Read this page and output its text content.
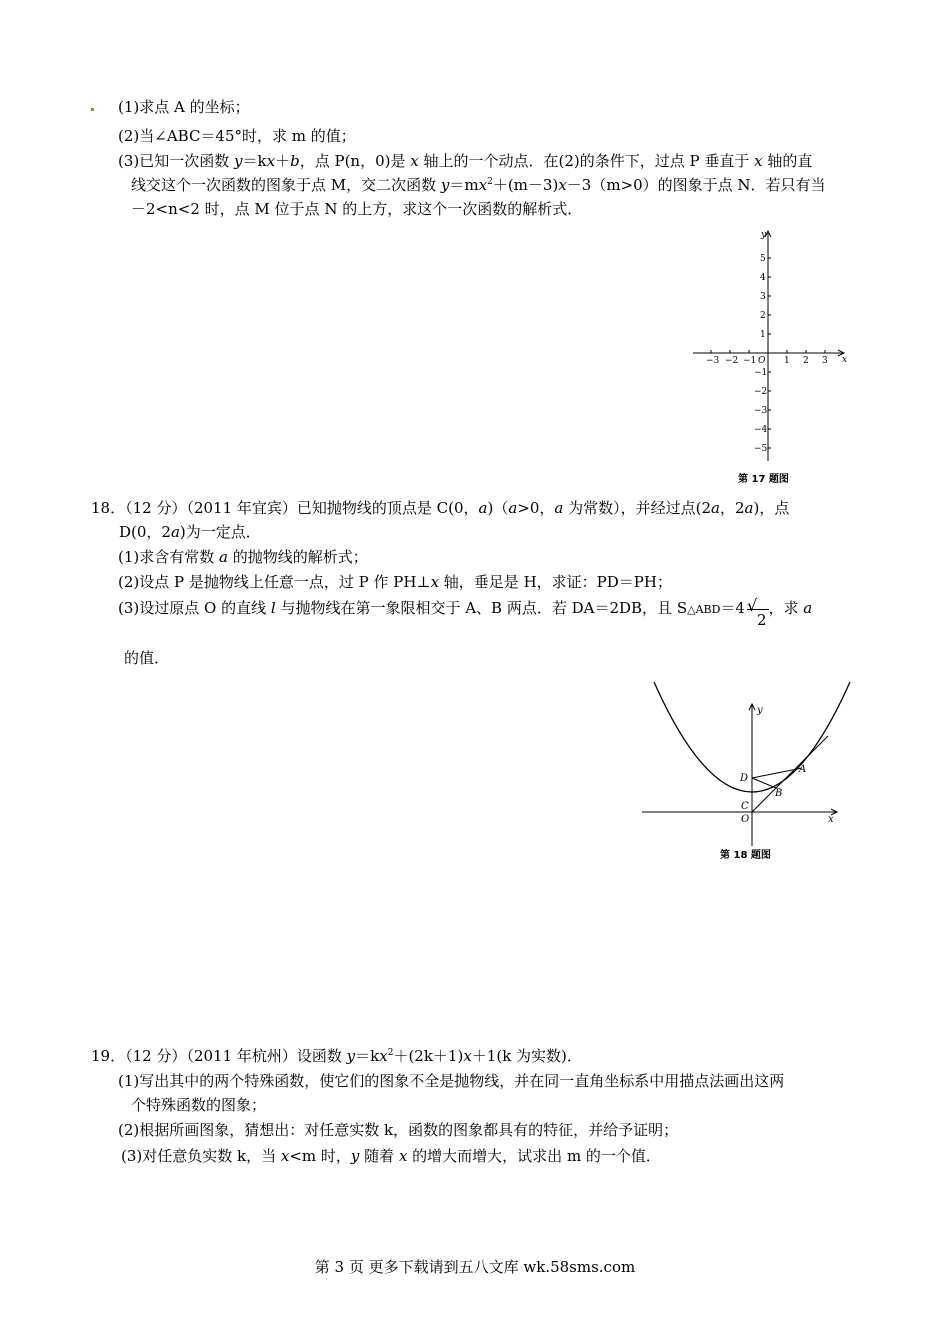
(1)求点 A 的坐标；
(2)当∠ABC＝45°时，求 m 的值；
(3)已知一次函数 y＝kx＋b，点 P(n，0)是 x 轴上的一个动点．在(2)的条件下，过点 P 垂直于 x 轴的直
线交这个一次函数的图象于点 M，交二次函数 $y=mx^2+(m-3)x-3(m>0)$的图象于点 N．若只有当
－2<n<2 时，点 M 位于点 N 的上方，求这个一次函数的解析式．
y
x
O
−3 −2 −1	1 2 3
5
4
3
2
1
−1
−2
−3
−4
−5
第 17 题图
18．（12 分）（2011 年宜宾）已知抛物线的顶点是 C(0，a)（a>0，a 为常数），并经过点(2a，2a)，点
D(0，2a)为一定点．
(1)求含有常数 a 的抛物线的解析式；
(2)设点 P 是抛物线上任意一点，过 P 作 PH⊥x 轴，垂足是 H，求证：PD＝PH；
(3)设过原点 O 的直线 l 与抛物线在第一象限相交于 A、B 两点．若 DA＝2DB，且 S△ABD＝4 √
2，求 a
的值．
y
x
D
A
B
C
O
第 18 题图
19．（12 分）（2011 年杭州）设函数 $y=kx^2+(2k+1)x+1(k$ 为实数)．
(1)写出其中的两个特殊函数，使它们的图象不全是抛物线，并在同一直角坐标系中用描点法画出这两
个特殊函数的图象；
(2)根据所画图象，猜想出：对任意实数 k，函数的图象都具有的特征，并给予证明；
(3)对任意负实数 k，当 x<m 时，y 随着 x 的增大而增大，试求出 m 的一个值．
第 3 页 更多下载请到五八文库 wk.58sms.com
